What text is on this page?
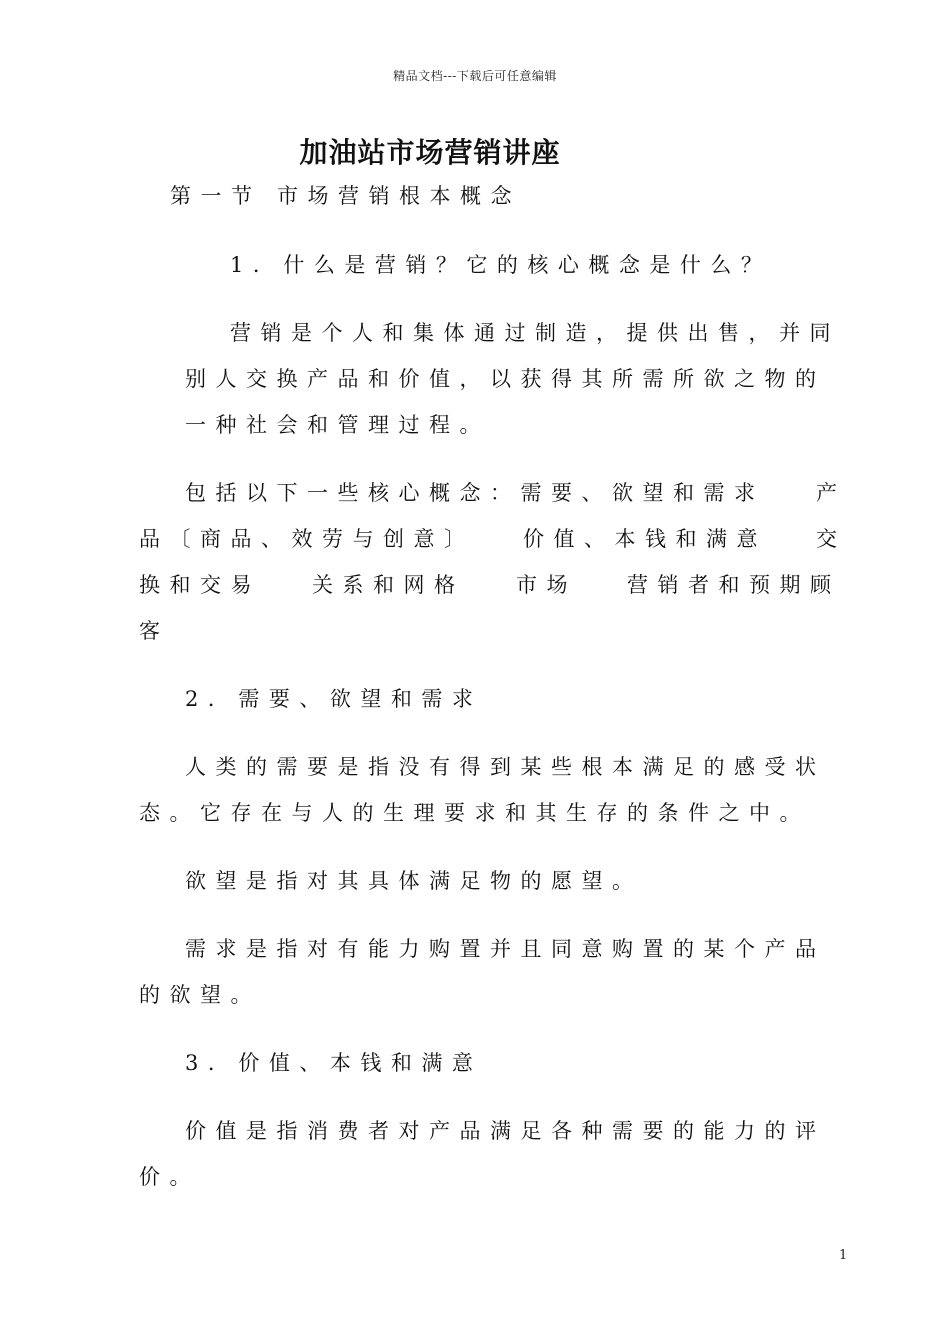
精品文档---下载后可任意编辑
加油站市场营销讲座
第一节 市场营销根本概念
1．什么是营销？它的核心概念是什么？
营销是个人和集体通过制造，提供出售，并同
别人交换产品和价值，以获得其所需所欲之物的
一种社会和管理过程。
包括以下一些核心概念：需要、欲望和需求 产
品〔商品、效劳与创意〕 价值、本钱和满意 交
换和交易 关系和网格 市场 营销者和预期顾
客
2．需要、欲望和需求
人类的需要是指没有得到某些根本满足的感受状
态。它存在与人的生理要求和其生存的条件之中。
欲望是指对其具体满足物的愿望。
需求是指对有能力购置并且同意购置的某个产品
的欲望。
3．价值、本钱和满意
价值是指消费者对产品满足各种需要的能力的评
价。
1
